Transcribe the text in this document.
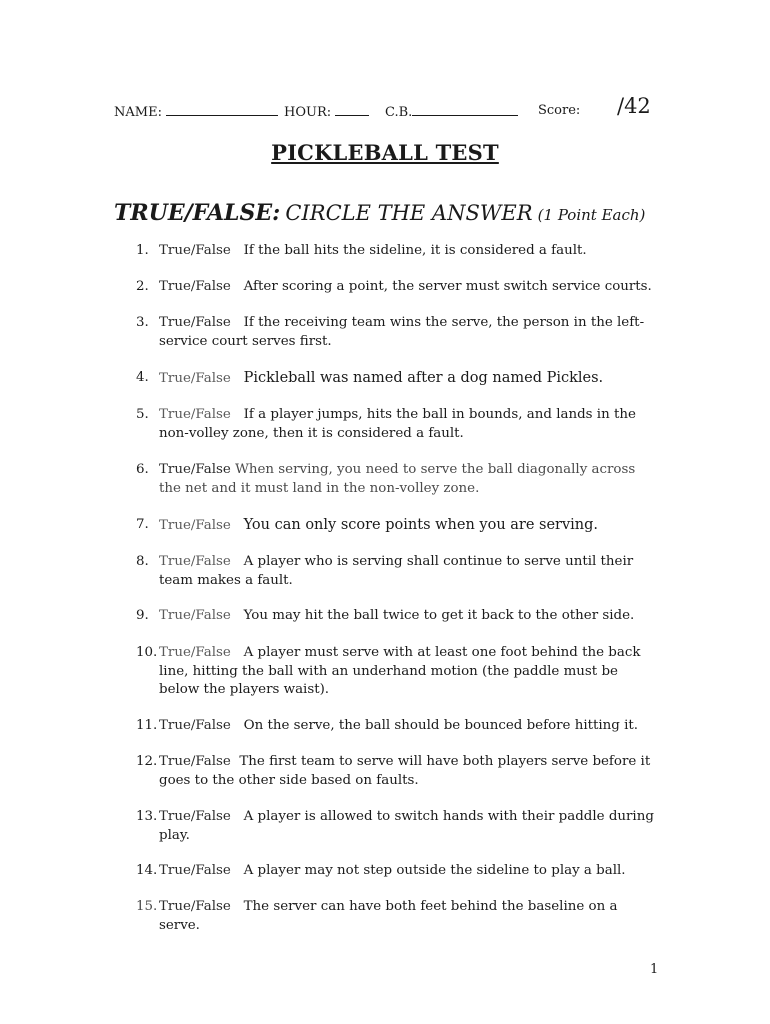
NAME:	HOUR:	C.B.	Score: /42
PICKLEBALL TEST
TRUE/FALSE: CIRCLE THE ANSWER (1 Point Each)
1. True/False If the ball hits the sideline, it is considered a fault.
2. True/False After scoring a point, the server must switch service courts.
3. True/False If the receiving team wins the serve, the person in the left-service court serves first.
4. True/False Pickleball was named after a dog named Pickles.
5. True/False If a player jumps, hits the ball in bounds, and lands in the non-volley zone, then it is considered a fault.
6. True/False When serving, you need to serve the ball diagonally across the net and it must land in the non-volley zone.
7. True/False You can only score points when you are serving.
8. True/False A player who is serving shall continue to serve until their team makes a fault.
9. True/False You may hit the ball twice to get it back to the other side.
10. True/False A player must serve with at least one foot behind the back line, hitting the ball with an underhand motion (the paddle must be below the players waist).
11. True/False On the serve, the ball should be bounced before hitting it.
12. True/False The first team to serve will have both players serve before it goes to the other side based on faults.
13. True/False A player is allowed to switch hands with their paddle during play.
14. True/False A player may not step outside the sideline to play a ball.
15. True/False The server can have both feet behind the baseline on a serve.
1
